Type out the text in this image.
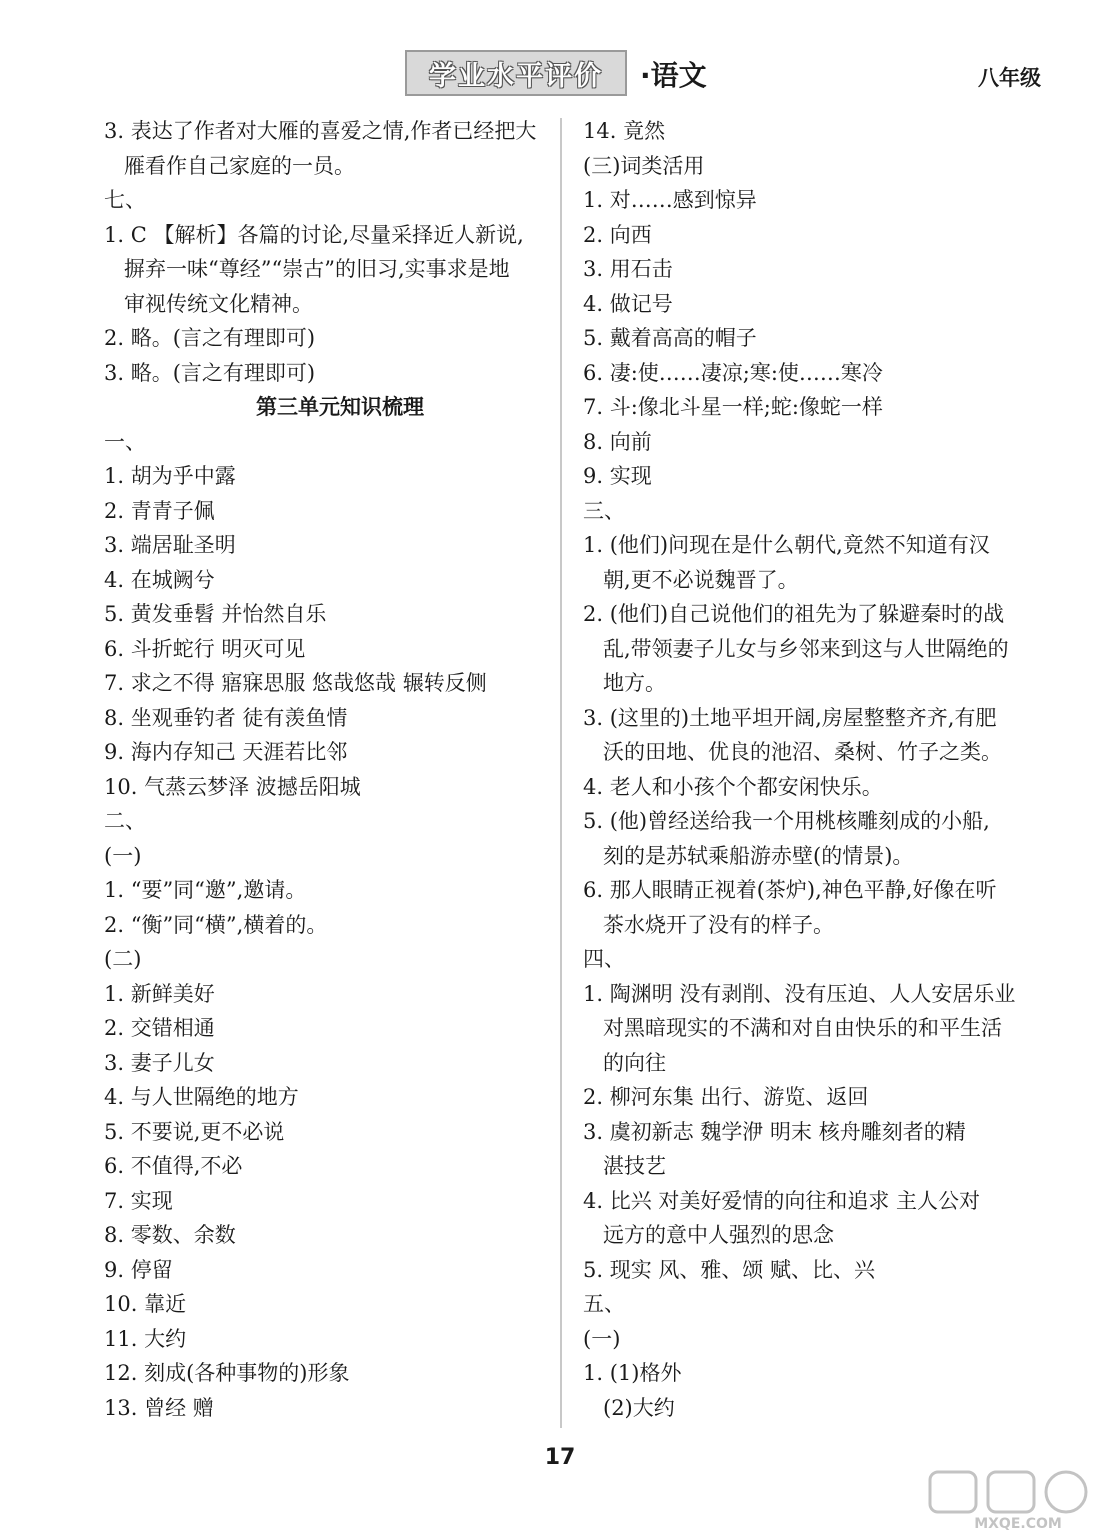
学业水平评价 ·语文	八年级
3. 表达了作者对大雁的喜爱之情,作者已经把大
雁看作自己家庭的一员。
七、
1. C 【解析】各篇的讨论,尽量采择近人新说,
摒弃一味“尊经”“崇古”的旧习,实事求是地
审视传统文化精神。
2. 略。(言之有理即可)
3. 略。(言之有理即可)
第三单元知识梳理
一、
1. 胡为乎中露
2. 青青子佩
3. 端居耻圣明
4. 在城阙兮
5. 黄发垂髫 并怡然自乐
6. 斗折蛇行 明灭可见
7. 求之不得 寤寐思服 悠哉悠哉 辗转反侧
8. 坐观垂钓者 徒有羡鱼情
9. 海内存知己 天涯若比邻
10. 气蒸云梦泽 波撼岳阳城
二、
(一)
1. “要”同“邀”,邀请。
2. “衡”同“横”,横着的。
(二)
1. 新鲜美好
2. 交错相通
3. 妻子儿女
4. 与人世隔绝的地方
5. 不要说,更不必说
6. 不值得,不必
7. 实现
8. 零数、余数
9. 停留
10. 靠近
11. 大约
12. 刻成(各种事物的)形象
13. 曾经 赠
14. 竟然
(三)词类活用
1. 对……感到惊异
2. 向西
3. 用石击
4. 做记号
5. 戴着高高的帽子
6. 凄:使……凄凉;寒:使……寒冷
7. 斗:像北斗星一样;蛇:像蛇一样
8. 向前
9. 实现
三、
1. (他们)问现在是什么朝代,竟然不知道有汉
朝,更不必说魏晋了。
2. (他们)自己说他们的祖先为了躲避秦时的战
乱,带领妻子儿女与乡邻来到这与人世隔绝的
地方。
3. (这里的)土地平坦开阔,房屋整整齐齐,有肥
沃的田地、优良的池沼、桑树、竹子之类。
4. 老人和小孩个个都安闲快乐。
5. (他)曾经送给我一个用桃核雕刻成的小船,
刻的是苏轼乘船游赤壁(的情景)。
6. 那人眼睛正视着(茶炉),神色平静,好像在听
茶水烧开了没有的样子。
四、
1. 陶渊明 没有剥削、没有压迫、人人安居乐业
对黑暗现实的不满和对自由快乐的和平生活
的向往
2. 柳河东集 出行、游览、返回
3. 虞初新志 魏学洢 明末 核舟雕刻者的精
湛技艺
4. 比兴 对美好爱情的向往和追求 主人公对
远方的意中人强烈的思念
5. 现实 风、雅、颂 赋、比、兴
五、
(一)
1. (1)格外
(2)大约
17
MXQE.COM
